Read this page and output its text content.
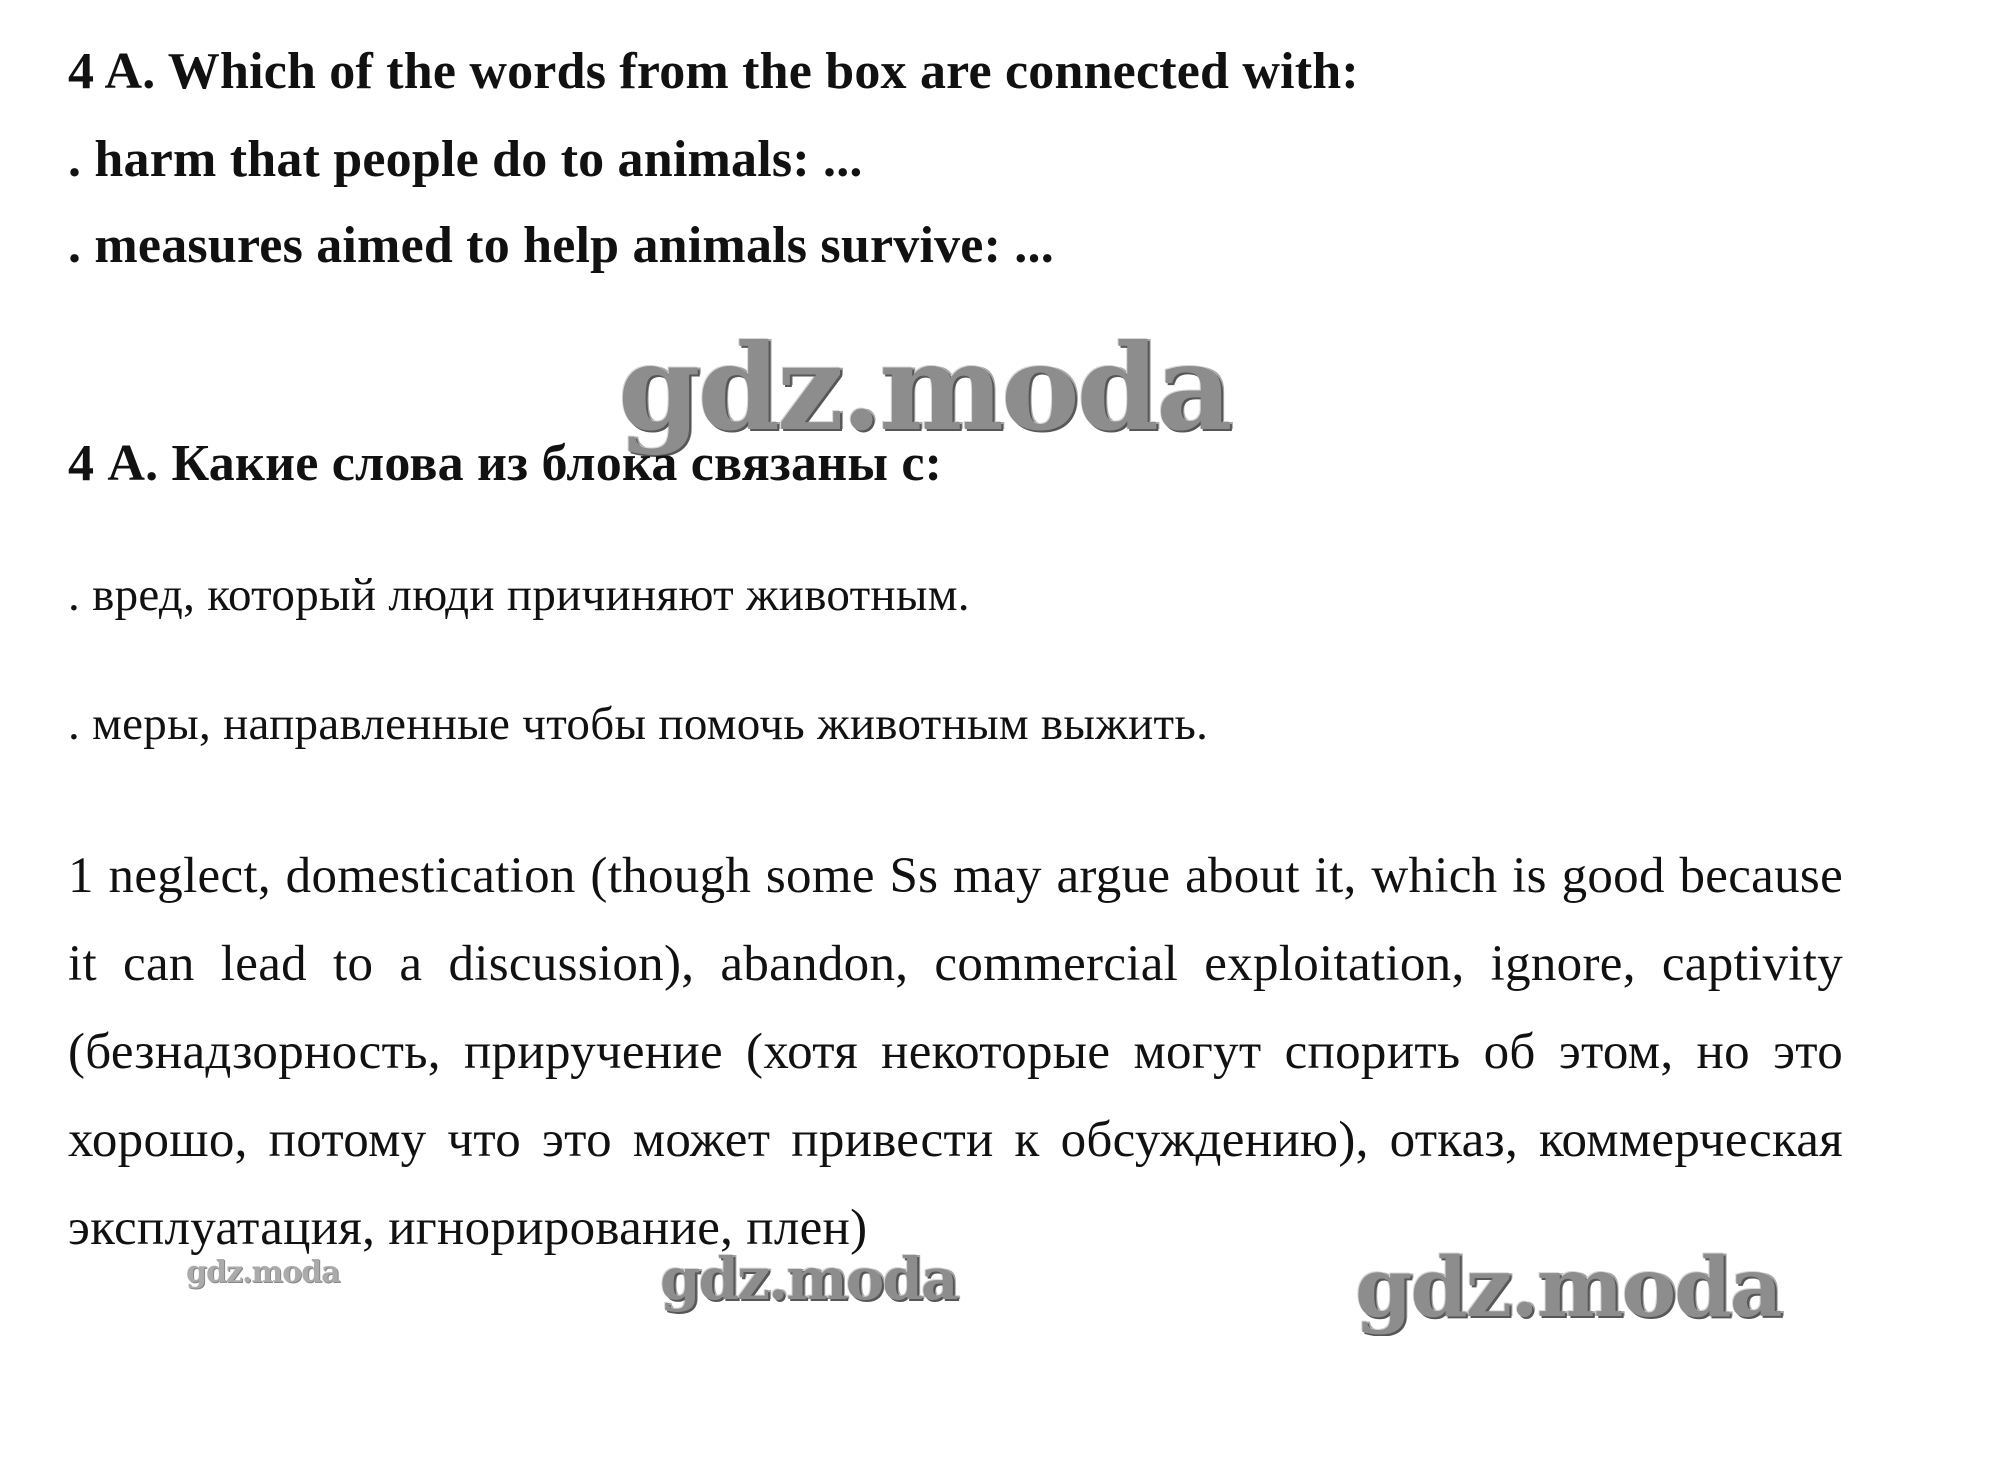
4 A. Which of the words from the box are connected with:
. harm that people do to animals: ...
. measures aimed to help animals survive: ...
gdz.moda
4 А. Какие слова из блока связаны с:
. вред, который люди причиняют животным.
. меры, направленные чтобы помочь животным выжить.
1 neglect, domestication (though some Ss may argue about it, which is good because it can lead to a discussion), abandon, commercial exploitation, ignore, captivity (безнадзорность, приручение (хотя некоторые могут спорить об этом, но это хорошо, потому что это может привести к обсуждению), отказ, коммерческая эксплуатация, игнорирование, плен)
gdz.moda	gdz.moda	gdz.moda
